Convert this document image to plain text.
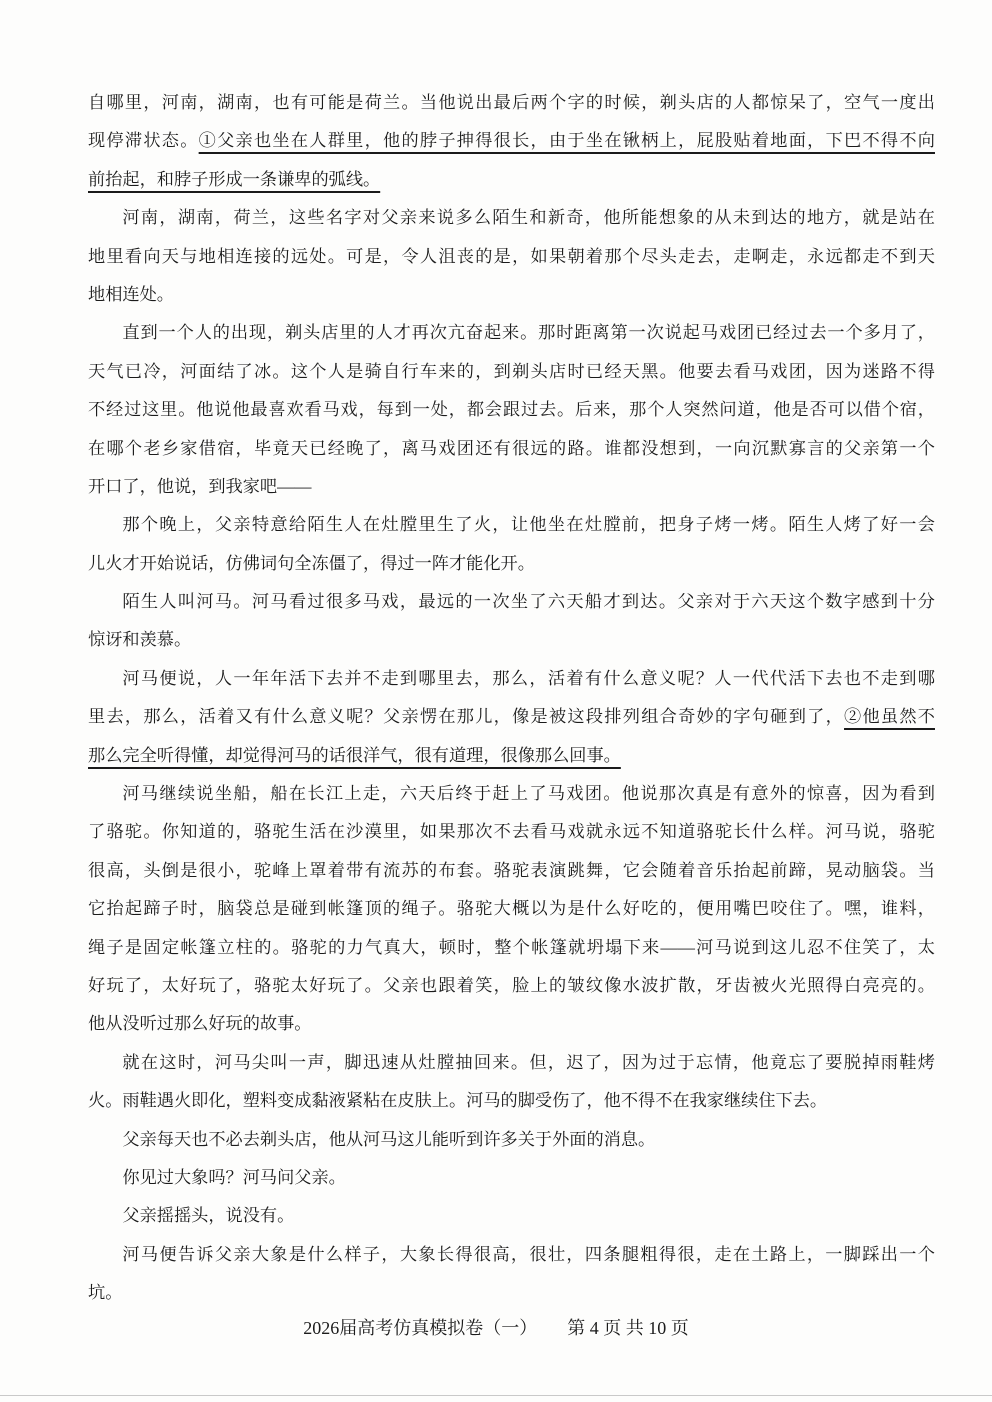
自哪里，河南，湖南，也有可能是荷兰。当他说出最后两个字的时候，剃头店的人都惊呆了，空气一度出
现停滞状态。①父亲也坐在人群里，他的脖子抻得很长，由于坐在锹柄上，屁股贴着地面，下巴不得不向
前抬起，和脖子形成一条谦卑的弧线。
河南，湖南，荷兰，这些名字对父亲来说多么陌生和新奇，他所能想象的从未到达的地方，就是站在
地里看向天与地相连接的远处。可是，令人沮丧的是，如果朝着那个尽头走去，走啊走，永远都走不到天
地相连处。
直到一个人的出现，剃头店里的人才再次亢奋起来。那时距离第一次说起马戏团已经过去一个多月了，
天气已冷，河面结了冰。这个人是骑自行车来的，到剃头店时已经天黑。他要去看马戏团，因为迷路不得
不经过这里。他说他最喜欢看马戏，每到一处，都会跟过去。后来，那个人突然问道，他是否可以借个宿，
在哪个老乡家借宿，毕竟天已经晚了，离马戏团还有很远的路。谁都没想到，一向沉默寡言的父亲第一个
开口了，他说，到我家吧——
那个晚上，父亲特意给陌生人在灶膛里生了火，让他坐在灶膛前，把身子烤一烤。陌生人烤了好一会
儿火才开始说话，仿佛词句全冻僵了，得过一阵才能化开。
陌生人叫河马。河马看过很多马戏，最远的一次坐了六天船才到达。父亲对于六天这个数字感到十分
惊讶和羡慕。
河马便说，人一年年活下去并不走到哪里去，那么，活着有什么意义呢？人一代代活下去也不走到哪
里去，那么，活着又有什么意义呢？父亲愣在那儿，像是被这段排列组合奇妙的字句砸到了，②他虽然不
那么完全听得懂，却觉得河马的话很洋气，很有道理，很像那么回事。
河马继续说坐船，船在长江上走，六天后终于赶上了马戏团。他说那次真是有意外的惊喜，因为看到
了骆驼。你知道的，骆驼生活在沙漠里，如果那次不去看马戏就永远不知道骆驼长什么样。河马说，骆驼
很高，头倒是很小，驼峰上罩着带有流苏的布套。骆驼表演跳舞，它会随着音乐抬起前蹄，晃动脑袋。当
它抬起蹄子时，脑袋总是碰到帐篷顶的绳子。骆驼大概以为是什么好吃的，便用嘴巴咬住了。嘿，谁料，
绳子是固定帐篷立柱的。骆驼的力气真大，顿时，整个帐篷就坍塌下来——河马说到这儿忍不住笑了，太
好玩了，太好玩了，骆驼太好玩了。父亲也跟着笑，脸上的皱纹像水波扩散，牙齿被火光照得白亮亮的。
他从没听过那么好玩的故事。
就在这时，河马尖叫一声，脚迅速从灶膛抽回来。但，迟了，因为过于忘情，他竟忘了要脱掉雨鞋烤
火。雨鞋遇火即化，塑料变成黏液紧粘在皮肤上。河马的脚受伤了，他不得不在我家继续住下去。
父亲每天也不必去剃头店，他从河马这儿能听到许多关于外面的消息。
你见过大象吗？河马问父亲。
父亲摇摇头，说没有。
河马便告诉父亲大象是什么样子，大象长得很高，很壮，四条腿粗得很，走在土路上，一脚踩出一个
坑。
2026届高考仿真模拟卷（一） 第 4 页 共 10 页
